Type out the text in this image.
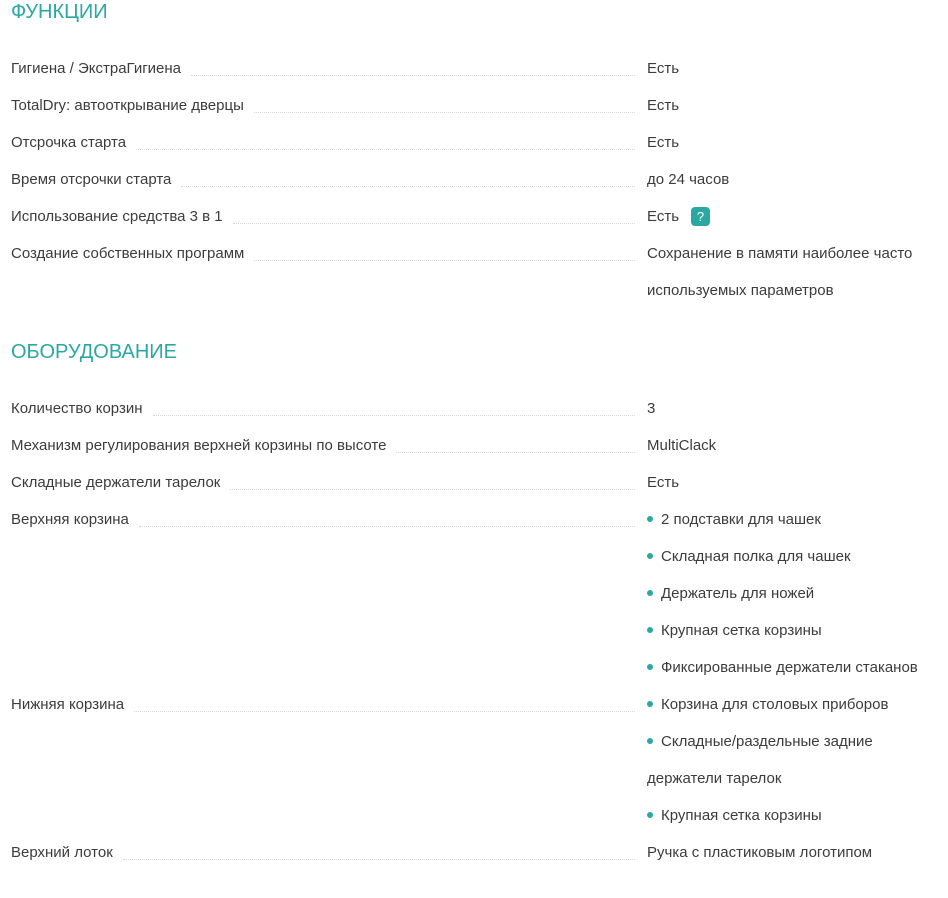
ФУНКЦИИ
Гигиена / ЭкстраГигиена	Есть
TotalDry: автооткрывание дверцы	Есть
Отсрочка старта	Есть
Время отсрочки старта	до 24 часов
Использование средства 3 в 1	Есть	?
Создание собственных программ	Сохранение в памяти наиболее часто используемых параметров
ОБОРУДОВАНИЕ
Количество корзин	3
Механизм регулирования верхней корзины по высоте	MultiClack
Складные держатели тарелок	Есть
Верхняя корзина	2 подставки для чашек
Складная полка для чашек
Держатель для ножей
Крупная сетка корзины
Фиксированные держатели стаканов
Нижняя корзина	Корзина для столовых приборов
Складные/раздельные задние держатели тарелок
Крупная сетка корзины
Верхний лоток	Ручка с пластиковым логотипом
